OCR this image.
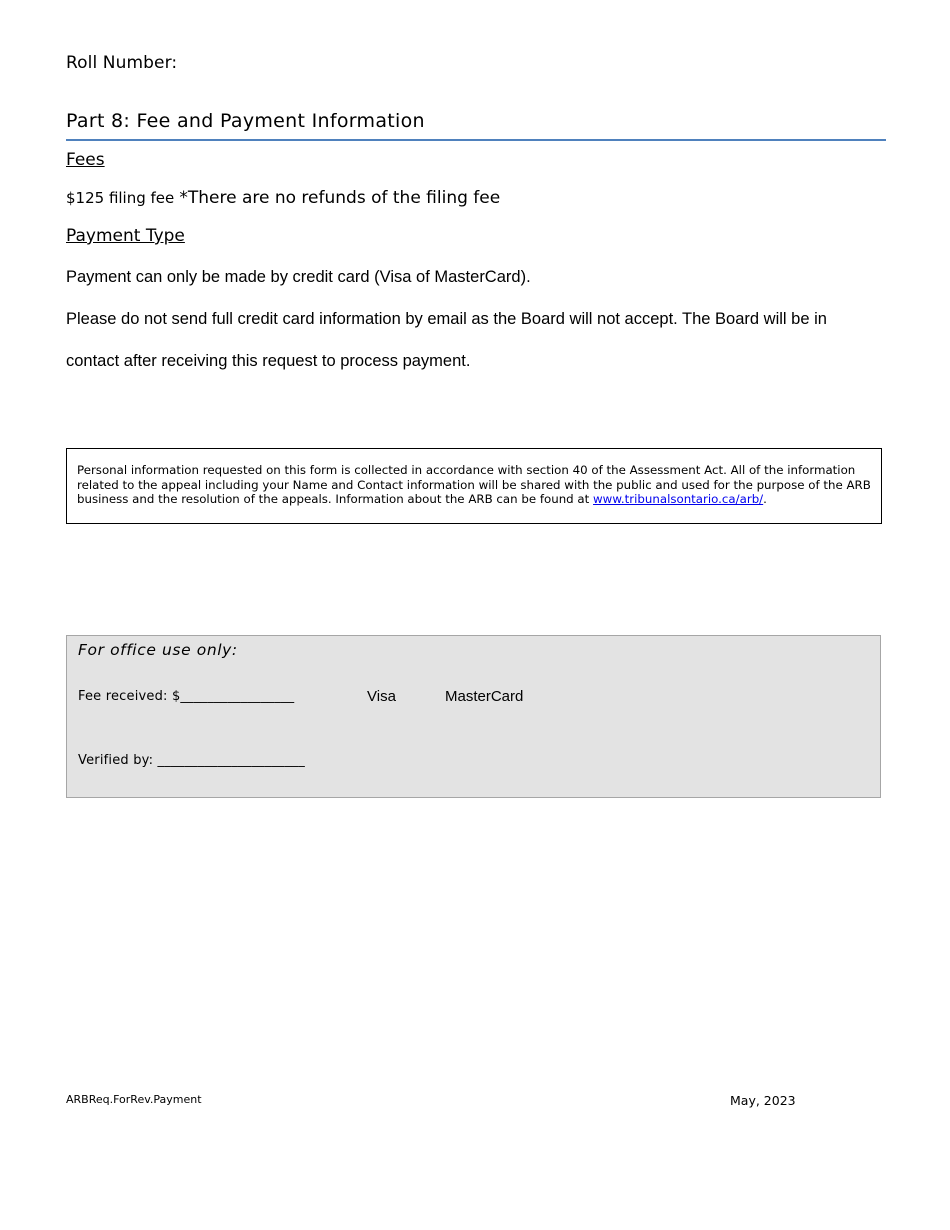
Roll Number:
Part 8: Fee and Payment Information
Fees
$125 filing fee *There are no refunds of the filing fee
Payment Type
Payment can only be made by credit card (Visa of MasterCard).
Please do not send full credit card information by email as the Board will not accept. The Board will be in
contact after receiving this request to process payment.
Personal information requested on this form is collected in accordance with section 40 of the Assessment Act. All of the information related to the appeal including your Name and Contact information will be shared with the public and used for the purpose of the ARB business and the resolution of the appeals. Information about the ARB can be found at www.tribunalsontario.ca/arb/.
For office use only:
Fee received: $_________________	Visa	MasterCard
Verified by: ______________________
ARBReq.ForRev.Payment	May, 2023
